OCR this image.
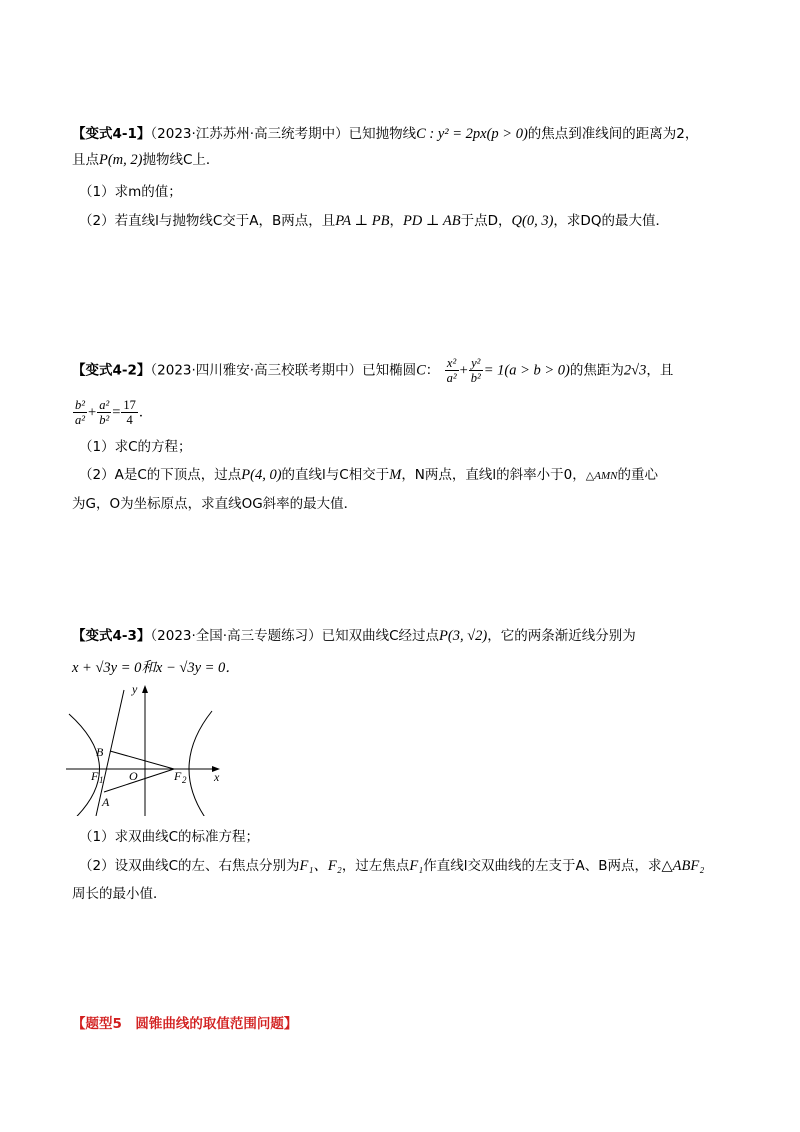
【变式4-1】（2023·江苏苏州·高三统考期中）已知抛物线C : y² = 2px(p > 0)的焦点到准线间的距离为2，
且点P(m, 2)抛物线C上．
（1）求m的值；
（2）若直线l与抛物线C交于A，B两点，且PA ⊥ PB，PD ⊥ AB于点D，Q(0, 3)，求DQ的最大值．
【变式4-2】（2023·四川雅安·高三校联考期中）已知椭圆C： $\frac{\text{x²}}{\text{a²}} + \frac{\text{y²}}{\text{b²}} = 1(a > b > 0)$的焦距为2√3，且
$\frac{\text{b²}}{\text{a²}} + \frac{\text{a²}}{\text{b²}} = \frac{17}{4}$ ．
（1）求C的方程；
（2）A是C的下顶点，过点P(4, 0)的直线l与C相交于M，N两点，直线l的斜率小于0，△AMN的重心
为G，O为坐标原点，求直线OG斜率的最大值．
【变式4-3】（2023·全国·高三专题练习）已知双曲线C经过点P(3, √2)，它的两条渐近线分别为
x + √3y = 0和x − √3y = 0．
y
x
B
F 1 O	F 2
A
（1）求双曲线C的标准方程；
（2）设双曲线C的左、右焦点分别为F₁、F₂，过左焦点F₁作直线l交双曲线的左支于A、B两点，求△ABF₂
周长的最小值．
【题型5　圆锥曲线的取值范围问题】
